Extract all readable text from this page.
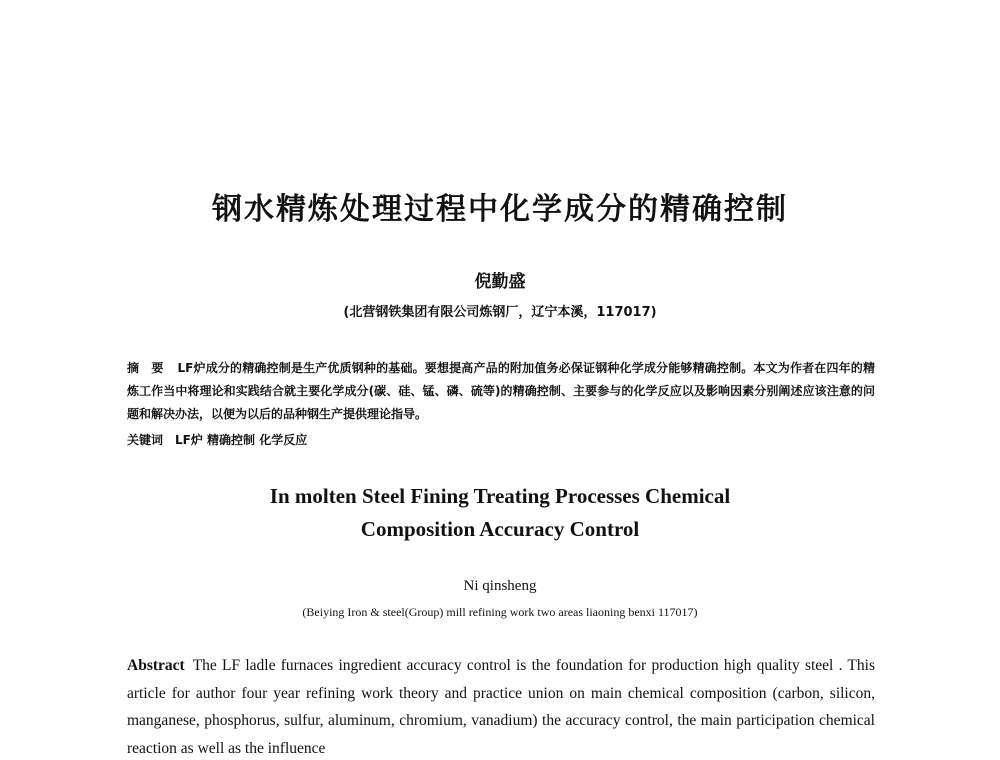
钢水精炼处理过程中化学成分的精确控制
倪勤盛
(北营钢铁集团有限公司炼钢厂，辽宁本溪，117017)
摘　要 LF炉成分的精确控制是生产优质钢种的基础。要想提高产品的附加值务必保证钢种化学成分能够精确控制。本文为作者在四年的精炼工作当中将理论和实践结合就主要化学成分(碳、硅、锰、磷、硫等)的精确控制、主要参与的化学反应以及影响因素分别阐述应该注意的问题和解决办法，以便为以后的品种钢生产提供理论指导。
关键词 LF炉 精确控制 化学反应
In molten Steel Fining Treating Processes Chemical
Composition Accuracy Control
Ni qinsheng
(Beiying Iron & steel(Group) mill refining work two areas liaoning benxi 117017)
Abstract The LF ladle furnaces ingredient accuracy control is the foundation for production high quality steel . This article for author four year refining work theory and practice union on main chemical composition (carbon, silicon, manganese, phosphorus, sulfur, aluminum, chromium, vanadium) the accuracy control, the main participation chemical reaction as well as the influence
